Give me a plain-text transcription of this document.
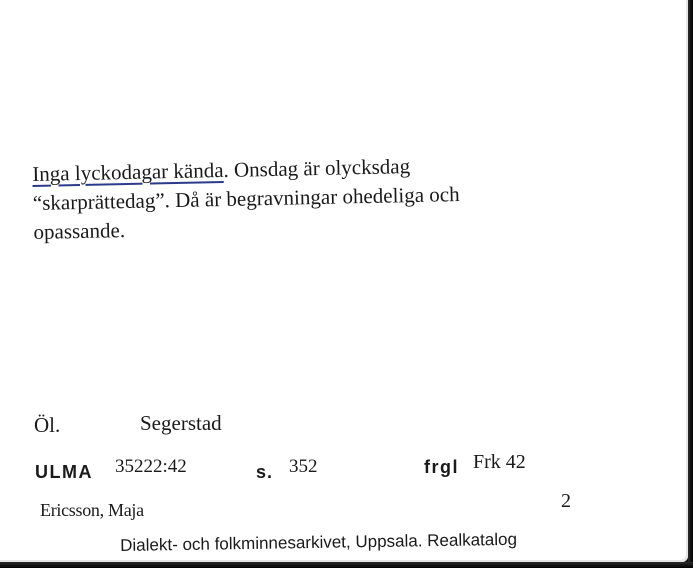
Inga lyckodagar kända. Onsdag är olycksdag
“skarprättedag”. Då är begravningar ohedeliga och
opassande.
Öl.	Segerstad
ULMA 35222:42	s. 352	frgl Frk 42
Ericsson, Maja	2
Dialekt- och folkminnesarkivet, Uppsala. Realkatalog
